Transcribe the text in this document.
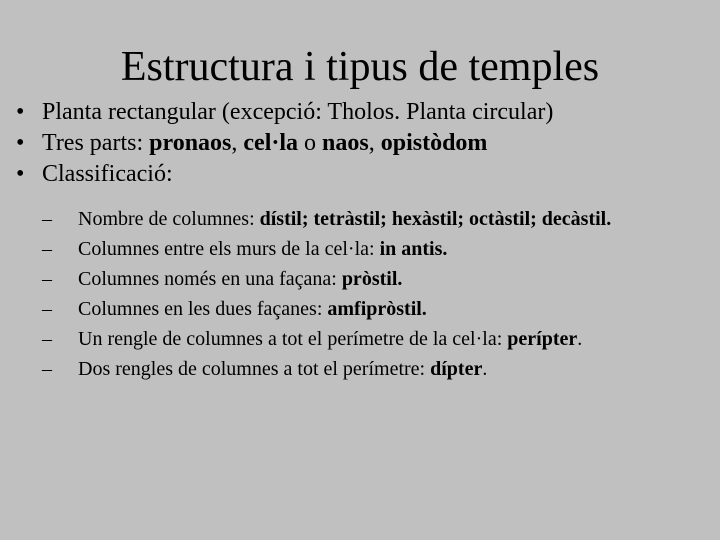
Estructura i tipus de temples
• Planta rectangular (excepció: Tholos. Planta circular)
• Tres parts: pronaos, cel·la o naos, opistòdom
• Classificació:
– Nombre de columnes: dístil; tetràstil; hexàstil; octàstil; decàstil.
– Columnes entre els murs de la cel·la: in antis.
– Columnes només en una façana: pròstil.
– Columnes en les dues façanes: amfipròstil.
– Un rengle de columnes a tot el perímetre de la cel·la: perípter.
– Dos rengles de columnes a tot el perímetre: dípter.
